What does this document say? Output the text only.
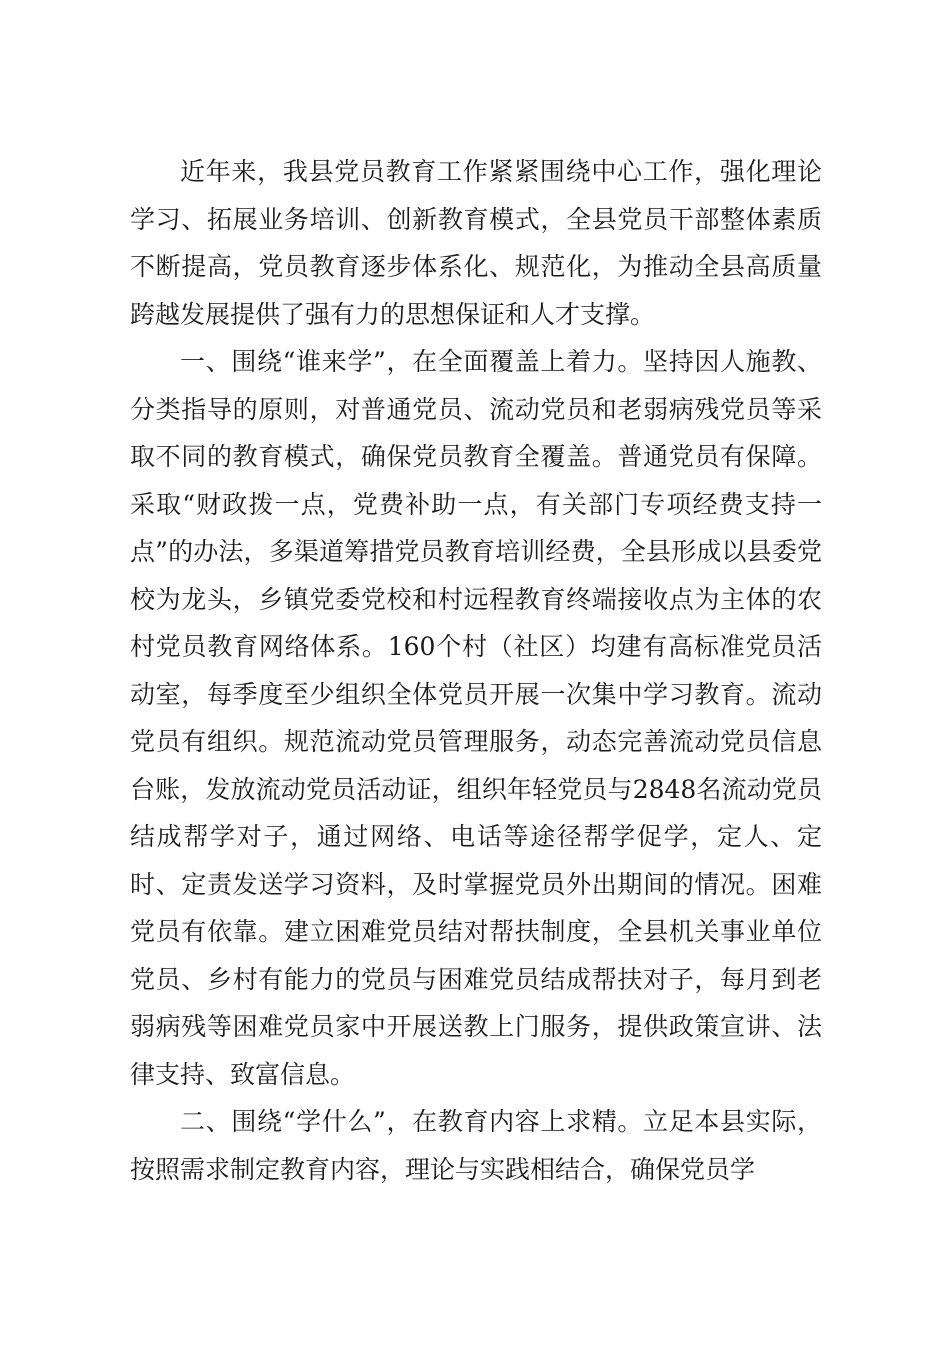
近年来，我县党员教育工作紧紧围绕中心工作，强化理论学习、拓展业务培训、创新教育模式，全县党员干部整体素质不断提高，党员教育逐步体系化、规范化，为推动全县高质量跨越发展提供了强有力的思想保证和人才支撑。

一、围绕“谁来学”，在全面覆盖上着力。坚持因人施教、分类指导的原则，对普通党员、流动党员和老弱病残党员等采取不同的教育模式，确保党员教育全覆盖。普通党员有保障。采取“财政拨一点，党费补助一点，有关部门专项经费支持一点”的办法，多渠道筹措党员教育培训经费，全县形成以县委党校为龙头，乡镇党委党校和村远程教育终端接收点为主体的农村党员教育网络体系。160个村（社区）均建有高标准党员活动室，每季度至少组织全体党员开展一次集中学习教育。流动党员有组织。规范流动党员管理服务，动态完善流动党员信息台账，发放流动党员活动证，组织年轻党员与2848名流动党员结成帮学对子，通过网络、电话等途径帮学促学，定人、定时、定责发送学习资料，及时掌握党员外出期间的情况。困难党员有依靠。建立困难党员结对帮扶制度，全县机关事业单位党员、乡村有能力的党员与困难党员结成帮扶对子，每月到老弱病残等困难党员家中开展送教上门服务，提供政策宣讲、法律支持、致富信息。

二、围绕“学什么”，在教育内容上求精。立足本县实际，按照需求制定教育内容，理论与实践相结合，确保党员学
